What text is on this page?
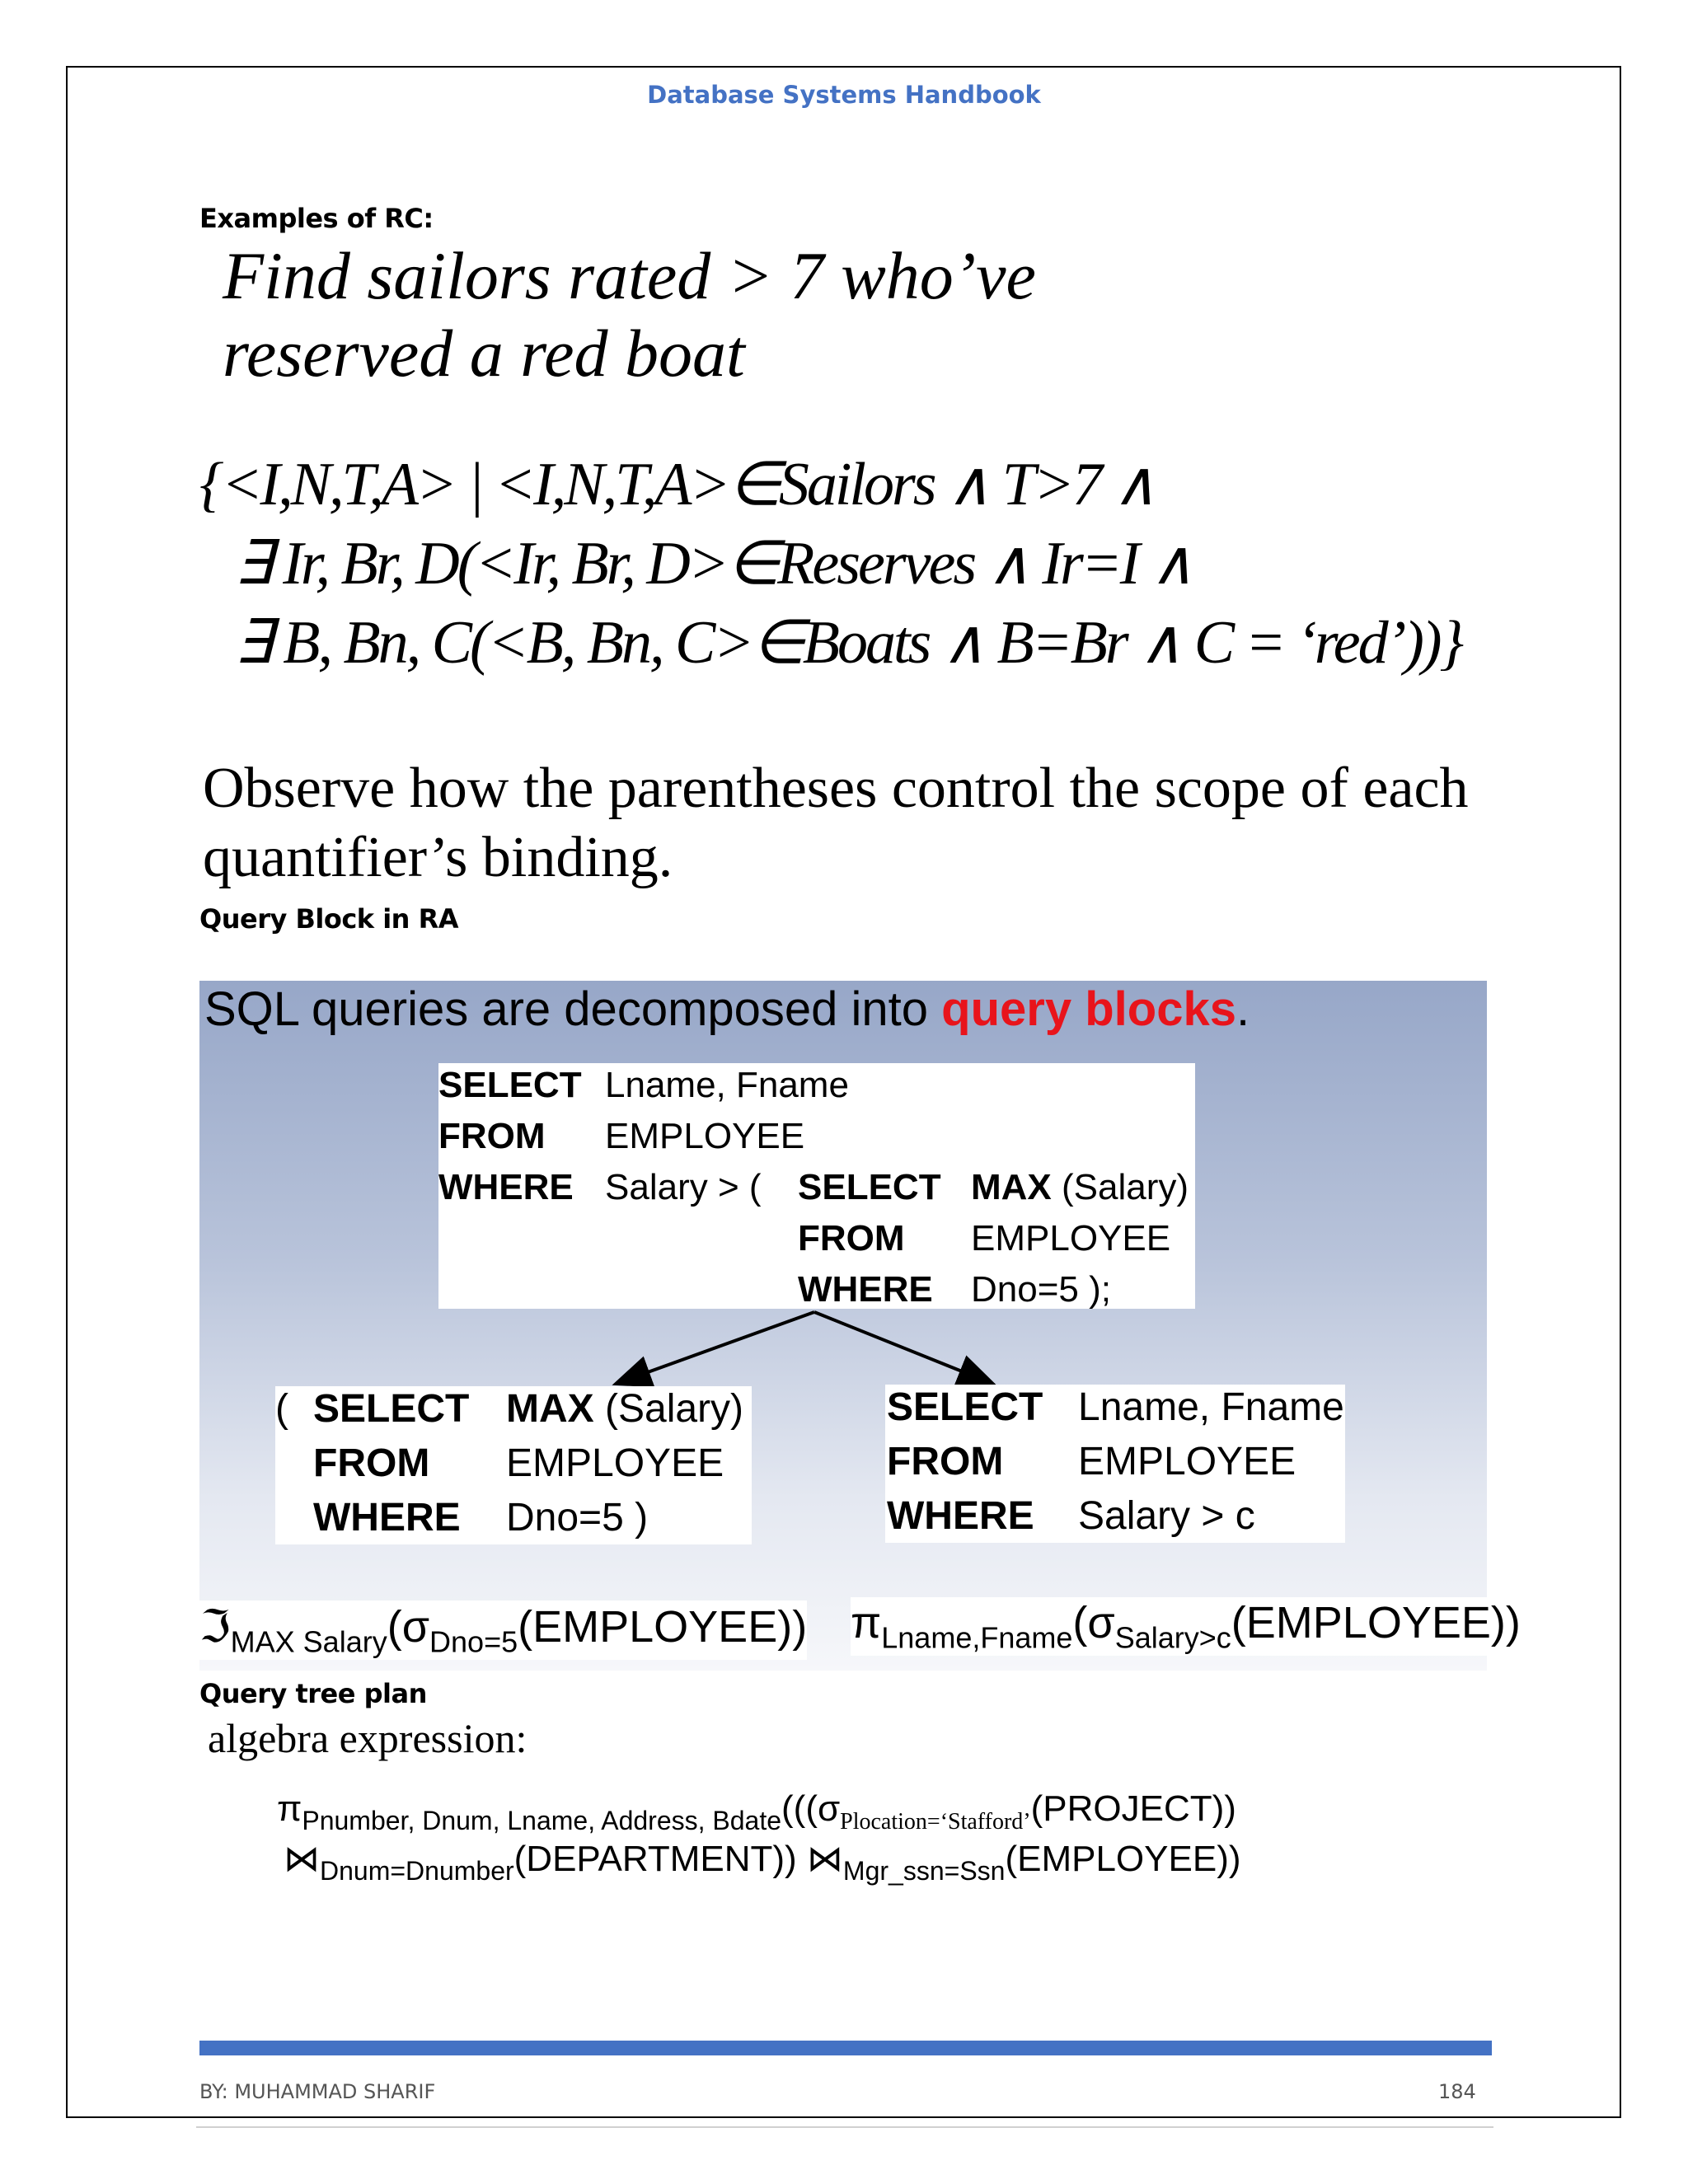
Database Systems Handbook
Examples of RC:
Find sailors rated > 7 who’ve
reserved a red boat
{<I,N,T,A> | <I,N,T,A>∈Sailors ∧ T>7 ∧
∃ Ir, Br, D(<Ir, Br, D>∈Reserves ∧ Ir=I ∧
∃ B, Bn, C(<B, Bn, C>∈Boats ∧ B=Br ∧ C = ‘red’))}
Observe how the parentheses control the scope of each quantifier’s binding.
Query Block in RA
SQL queries are decomposed into query blocks.
SELECT Lname, Fname
FROM EMPLOYEE
WHERE Salary > ( SELECT MAX (Salary)
FROM EMPLOYEE
WHERE Dno=5 );
( SELECT MAX (Salary)
FROM EMPLOYEE
WHERE Dno=5 )
SELECT Lname, Fname
FROM EMPLOYEE
WHERE Salary > c
$ℑ_{MAX Salary}(\sigma_{Dno=5}(EMPLOYEE))$ $\pi_{Lname,Fname}(\sigma_{Salary>c}(EMPLOYEE))$
Query tree plan
algebra expression:
$\pi_{Pnumber, Dnum, Lname, Address, Bdate}(((\sigma_{Plocation=‘Stafford’}(PROJECT))$
$⋈_{Dnum=Dnumber}(DEPARTMENT)$) $⋈_{Mgr\_ssn=Ssn}(EMPLOYEE)$)
BY: MUHAMMAD SHARIF	184
